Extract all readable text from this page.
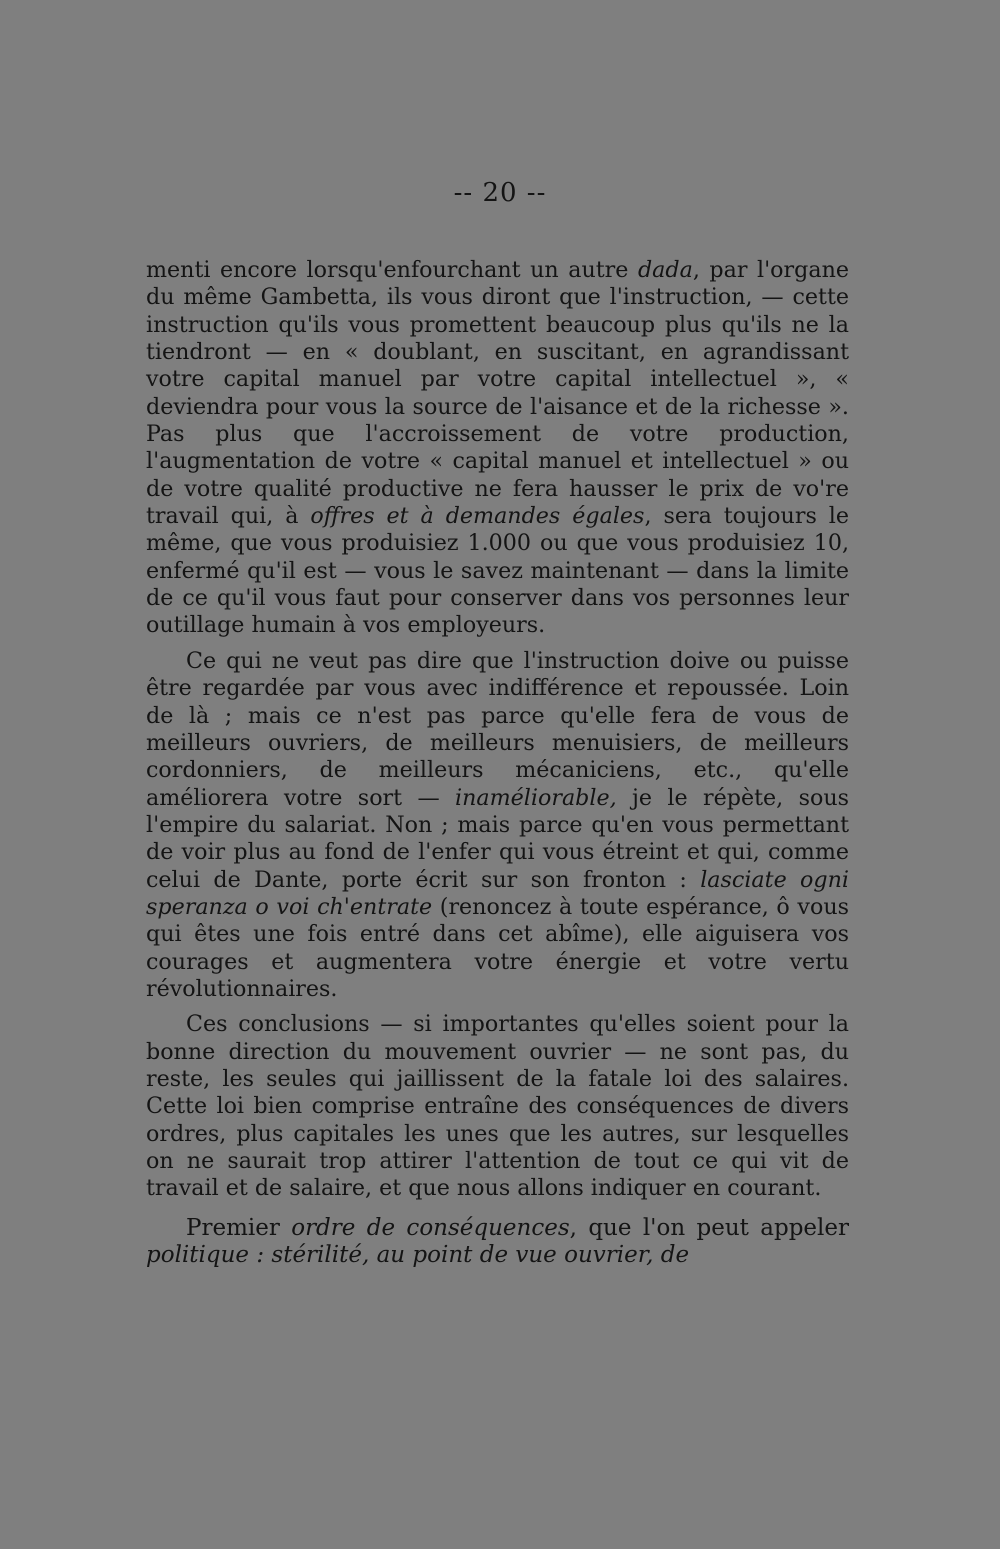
-- 20 --

menti encore lorsqu'enfourchant un autre dada, par l'organe du même Gambetta, ils vous diront que l'instruction, — cette instruction qu'ils vous promettent beaucoup plus qu'ils ne la tiendront — en « doublant, en suscitant, en agrandissant votre capital manuel par votre capital intellectuel », « deviendra pour vous la source de l'aisance et de la richesse ». Pas plus que l'accroissement de votre production, l'augmentation de votre « capital manuel et intellectuel » ou de votre qualité productive ne fera hausser le prix de vo're travail qui, à offres et à demandes égales, sera toujours le même, que vous produisiez 1.000 ou que vous produisiez 10, enfermé qu'il est — vous le savez maintenant — dans la limite de ce qu'il vous faut pour conserver dans vos personnes leur outillage humain à vos employeurs.

Ce qui ne veut pas dire que l'instruction doive ou puisse être regardée par vous avec indifférence et repoussée. Loin de là ; mais ce n'est pas parce qu'elle fera de vous de meilleurs ouvriers, de meilleurs menuisiers, de meilleurs cordonniers, de meilleurs mécaniciens, etc., qu'elle améliorera votre sort — inaméliorable, je le répète, sous l'empire du salariat. Non ; mais parce qu'en vous permettant de voir plus au fond de l'enfer qui vous étreint et qui, comme celui de Dante, porte écrit sur son fronton : lasciate ogni speranza o voi ch'entrate (renoncez à toute espérance, ô vous qui êtes une fois entré dans cet abîme), elle aiguisera vos courages et augmentera votre énergie et votre vertu révolutionnaires.

Ces conclusions — si importantes qu'elles soient pour la bonne direction du mouvement ouvrier — ne sont pas, du reste, les seules qui jaillissent de la fatale loi des salaires. Cette loi bien comprise entraîne des conséquences de divers ordres, plus capitales les unes que les autres, sur lesquelles on ne saurait trop attirer l'attention de tout ce qui vit de travail et de salaire, et que nous allons indiquer en courant.

Premier ordre de conséquences, que l'on peut appeler politique : stérilité, au point de vue ouvrier, de
